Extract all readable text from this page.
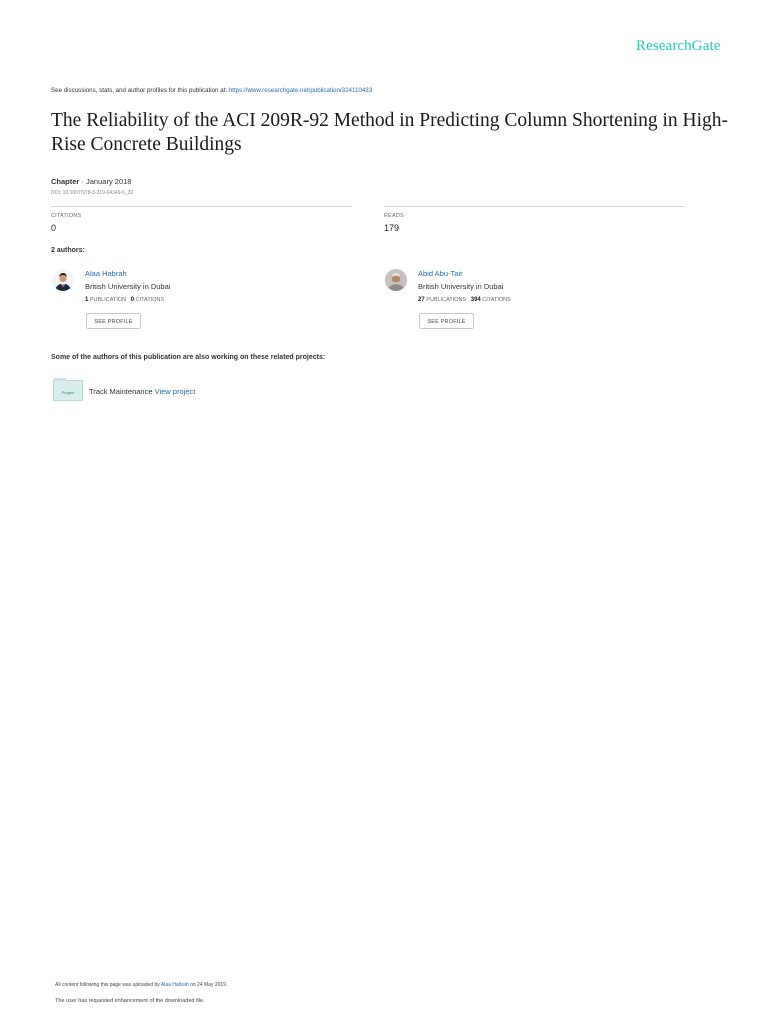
ResearchGate
See discussions, stats, and author profiles for this publication at: https://www.researchgate.net/publication/324110433
The Reliability of the ACI 209R-92 Method in Predicting Column Shortening in High-Rise Concrete Buildings
Chapter · January 2018
DOI: 10.1007/978-3-319-64349-6_32
CITATIONS
0
READS
179
2 authors:
Alaa Habrah
British University in Dubai
1 PUBLICATION 0 CITATIONS
SEE PROFILE
Abid Abu-Tair
British University in Dubai
27 PUBLICATIONS 394 CITATIONS
SEE PROFILE
Some of the authors of this publication are also working on these related projects:
Project	Track Maintenance View project
All content following this page was uploaded by Alaa Habrah on 24 May 2019.
The user has requested enhancement of the downloaded file.
